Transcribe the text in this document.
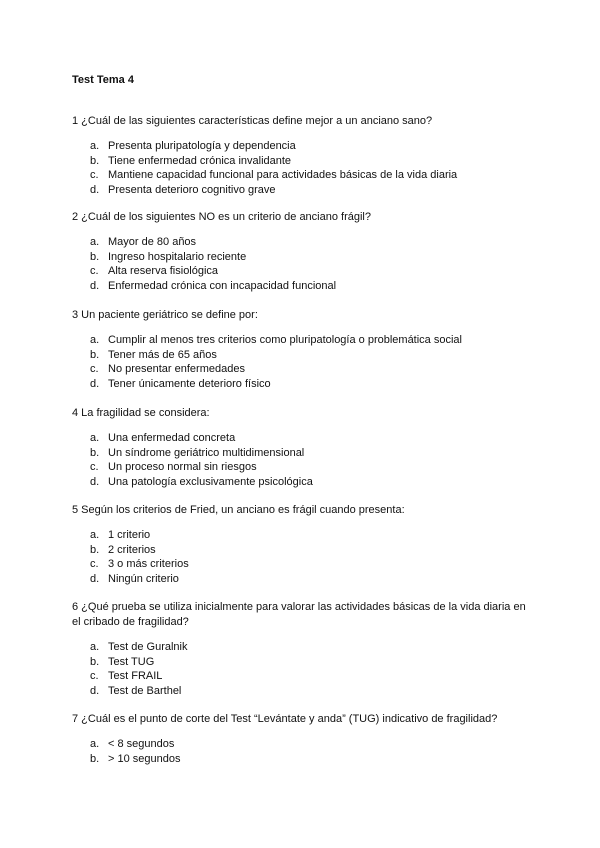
Test Tema 4

1 ¿Cuál de las siguientes características define mejor a un anciano sano?

a. Presenta pluripatología y dependencia
b. Tiene enfermedad crónica invalidante
c. Mantiene capacidad funcional para actividades básicas de la vida diaria
d. Presenta deterioro cognitivo grave

2 ¿Cuál de los siguientes NO es un criterio de anciano frágil?

a. Mayor de 80 años
b. Ingreso hospitalario reciente
c. Alta reserva fisiológica
d. Enfermedad crónica con incapacidad funcional

3 Un paciente geriátrico se define por:

a. Cumplir al menos tres criterios como pluripatología o problemática social
b. Tener más de 65 años
c. No presentar enfermedades
d. Tener únicamente deterioro físico

4 La fragilidad se considera:

a. Una enfermedad concreta
b. Un síndrome geriátrico multidimensional
c. Un proceso normal sin riesgos
d. Una patología exclusivamente psicológica

5 Según los criterios de Fried, un anciano es frágil cuando presenta:

a. 1 criterio
b. 2 criterios
c. 3 o más criterios
d. Ningún criterio

6 ¿Qué prueba se utiliza inicialmente para valorar las actividades básicas de la vida diaria en el cribado de fragilidad?

a. Test de Guralnik
b. Test TUG
c. Test FRAIL
d. Test de Barthel

7 ¿Cuál es el punto de corte del Test “Levántate y anda” (TUG) indicativo de fragilidad?

a. < 8 segundos
b. > 10 segundos
